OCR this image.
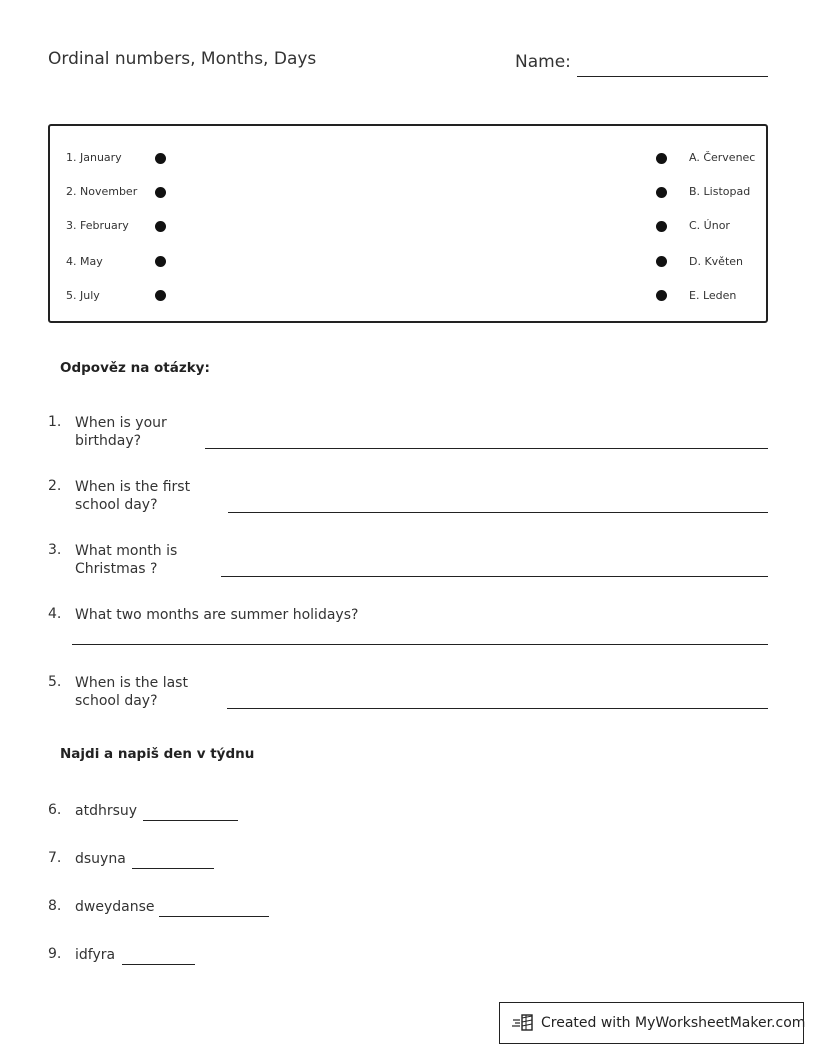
Ordinal numbers, Months, Days	Name:
1. January
2. November
3. February
4. May
5. July
A. Červenec
B. Listopad
C. Únor
D. Květen
E. Leden
Odpověz na otázky:
1. When is your
birthday?
2. When is the first
school day?
3. What month is
Christmas ?
4. What two months are summer holidays?
5. When is the last
school day?
Najdi a napiš den v týdnu
6. atdhrsuy
7. dsuyna
8. dweydanse
9. idfyra
Created with MyWorksheetMaker.com
